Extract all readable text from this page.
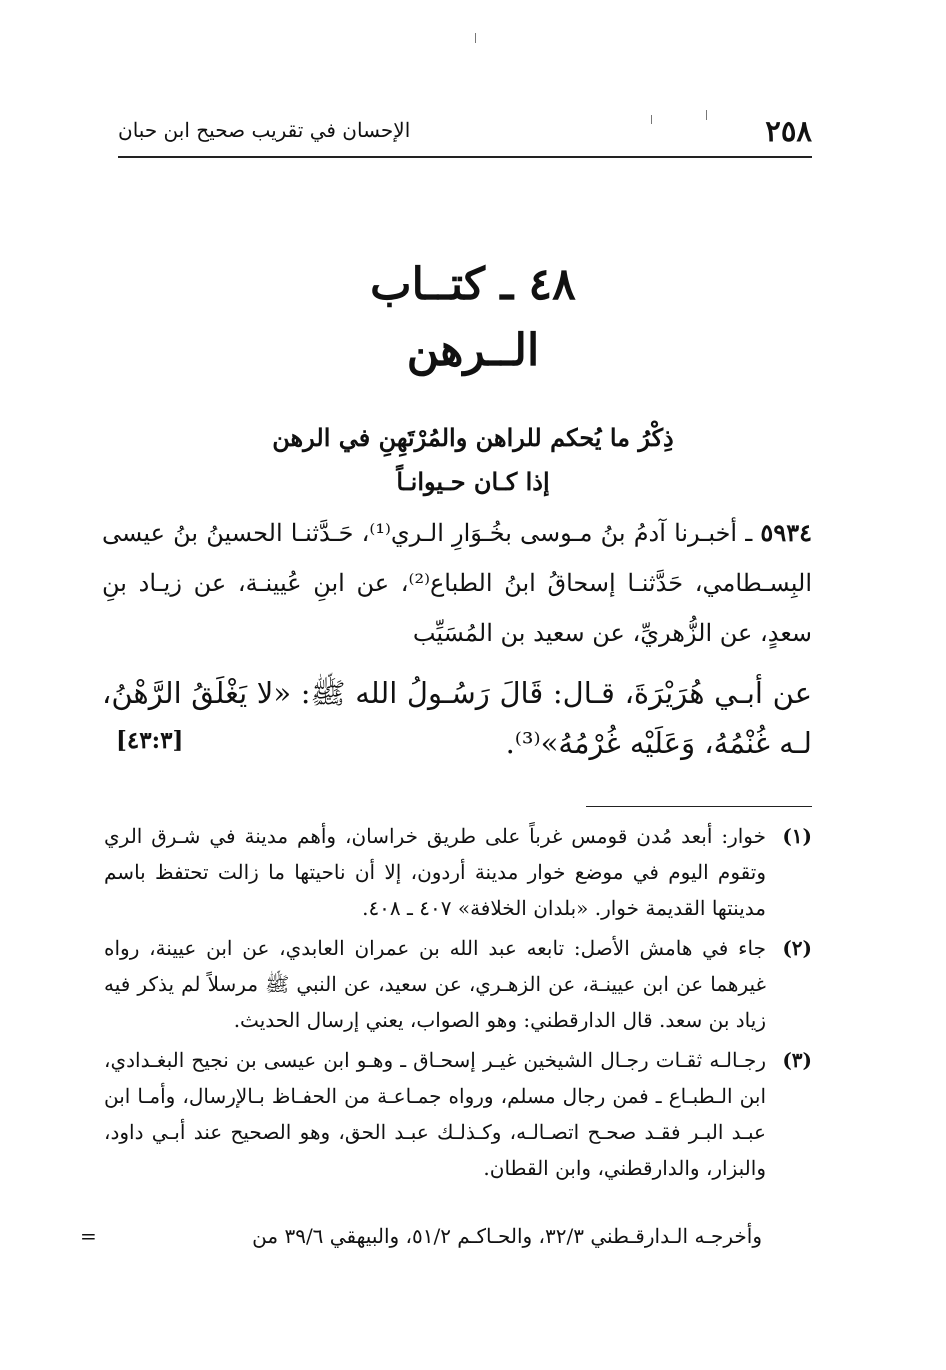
٢٥٨
الإحسان في تقريب صحيح ابن حبان
٤٨ ـ كتــاب
الــرهن
ذِكْرُ ما يُحكم للراهن والمُرْتَهِنِ في الرهن
إذا كـان حـيوانـاً
٥٩٣٤ ـ أخبـرنا آدمُ بنُ مـوسى بخُـوَارِ الـري⁽¹⁾، حَـدَّثنـا الحسينُ بنُ عيسى البِسـطامي، حَدَّثنـا إسحاقُ ابنُ الطباع⁽²⁾، عن ابنِ عُيينـة، عن زيـاد بنِ سعدٍ، عن الزُّهريِّ، عن سعيد بن المُسَيِّب
عن أبـي هُرَيْرَةَ، قـال: قَالَ رَسُـولُ الله ﷺ: «لا يَغْلَقُ الرَّهْنُ، لـه غُنْمُهُ، وَعَلَيْه غُرْمُهُ»⁽³⁾.
[٤٣:٣]
(١)
خوار: أبعد مُدن قومس غرباً على طريق خراسان، وأهم مدينة في شـرق الري وتقوم اليوم في موضع خوار مدينة أردون، إلا أن ناحيتها ما زالت تحتفظ باسم مدينتها القديمة خوار. «بلدان الخلافة» ٤٠٧ ـ ٤٠٨.
(٢)
جاء في هامش الأصل: تابعه عبد الله بن عمران العابدي، عن ابن عيينة، رواه غيرهما عن ابن عيينـة، عن الزهـري، عن سعيد، عن النبي ﷺ مرسلاً لم يذكر فيه زياد بن سعد. قال الدارقطني: وهو الصواب، يعني إرسال الحديث.
(٣)
رجـالـه ثقـات رجـال الشيخين غيـر إسحـاق ـ وهـو ابن عيسى بن نجيح البغـدادي، ابن الـطبـاع ـ فمن رجال مسلم، ورواه جمـاعـة من الحفـاظ بـالإرسال، وأمـا ابن عبـد البـر فقـد صحـح اتصـالـه، وكـذلـك عبـد الحق، وهو الصحيح عند أبـي داود، والبزار، والدارقطني، وابن القطان.
وأخرجـه الـدارقـطني ٣٢/٣، والحـاكـم ٥١/٢، والبيهقي ٣٩/٦ من
=
